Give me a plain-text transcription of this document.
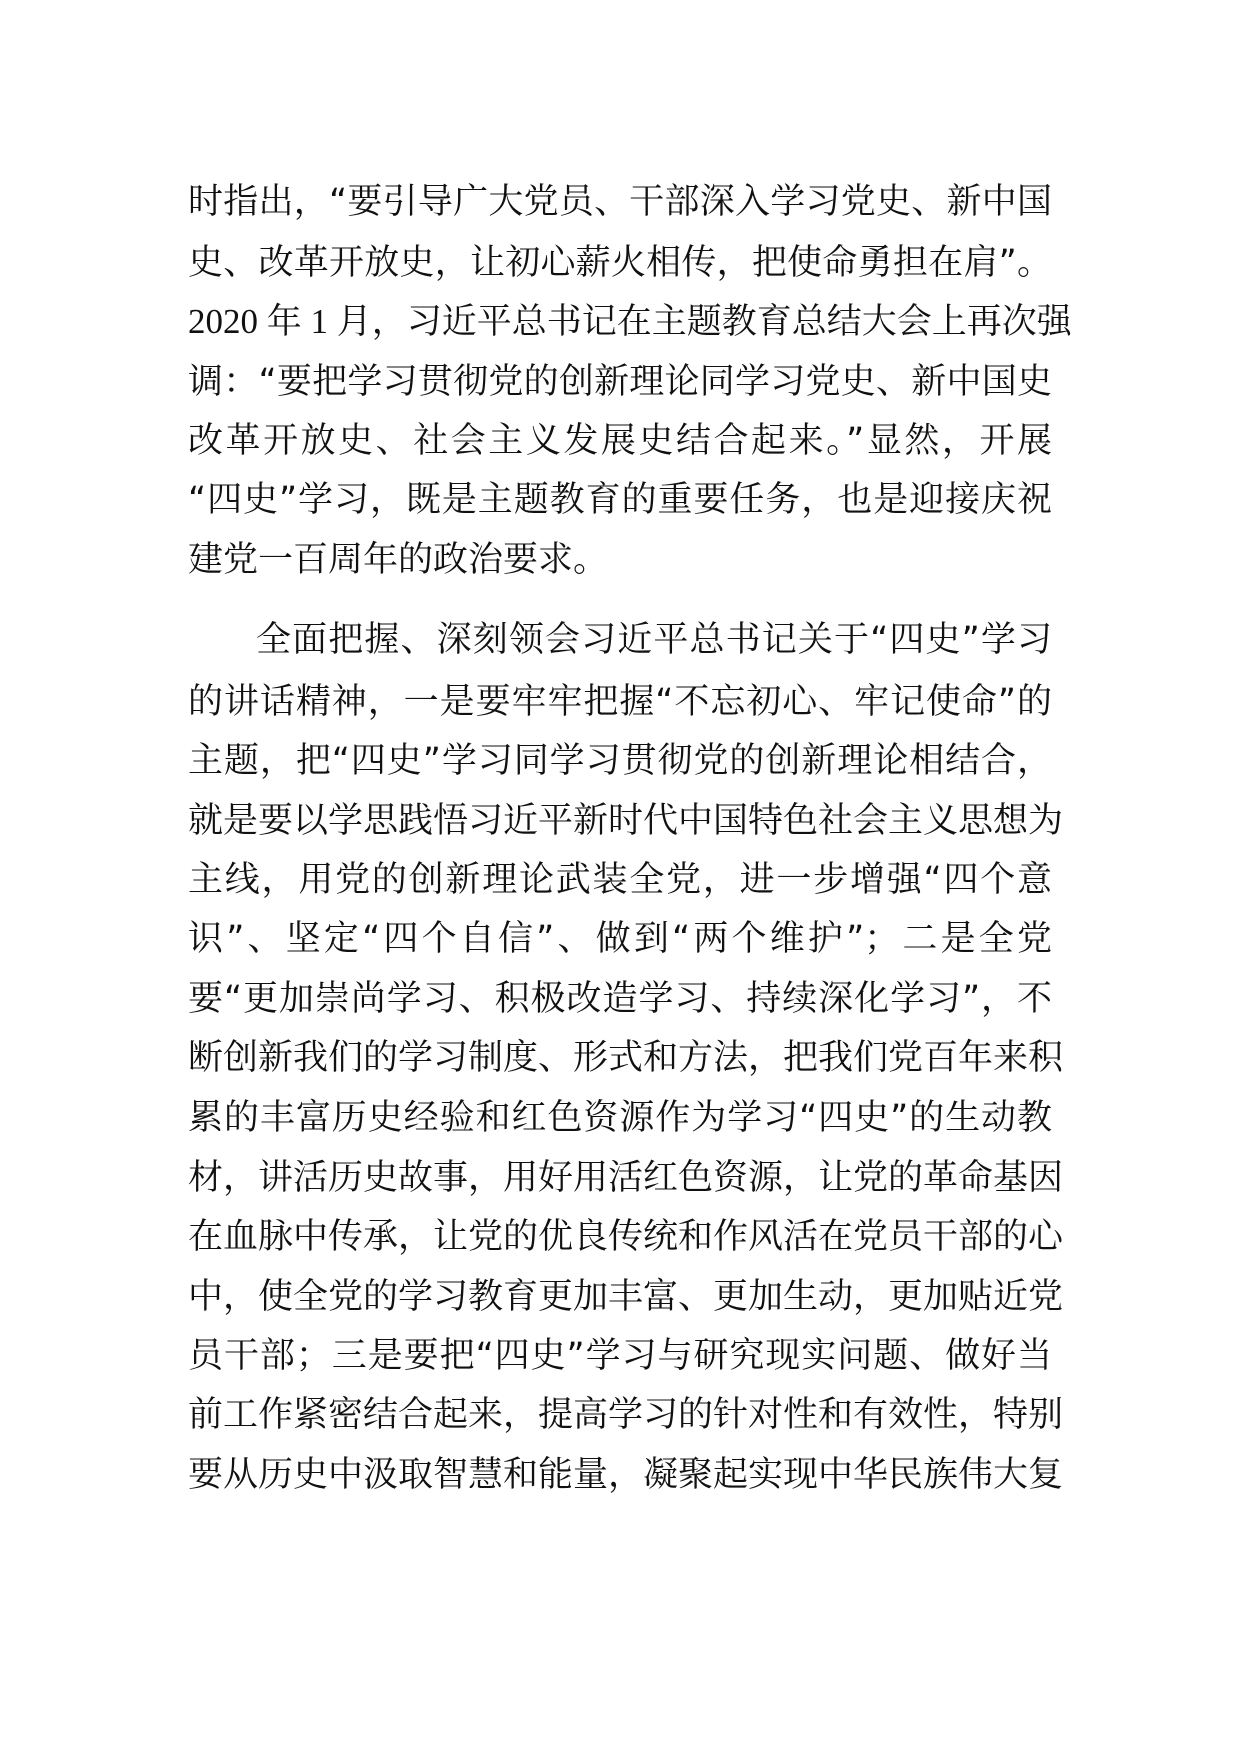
时指出，“要引导广大党员、干部深入学习党史、新中国
史、改革开放史，让初心薪火相传，把使命勇担在肩”。
2020 年 1 月，习近平总书记在主题教育总结大会上再次强
调：“要把学习贯彻党的创新理论同学习党史、新中国史
改革开放史、社会主义发展史结合起来。”显然，开展
“四史”学习，既是主题教育的重要任务，也是迎接庆祝
建党一百周年的政治要求。
全面把握、深刻领会习近平总书记关于“四史”学习
的讲话精神，一是要牢牢把握“不忘初心、牢记使命”的
主题，把“四史”学习同学习贯彻党的创新理论相结合，
就是要以学思践悟习近平新时代中国特色社会主义思想为
主线，用党的创新理论武装全党，进一步增强“四个意
识”、坚定“四个自信”、做到“两个维护”；二是全党
要“更加崇尚学习、积极改造学习、持续深化学习”，不
断创新我们的学习制度、形式和方法，把我们党百年来积
累的丰富历史经验和红色资源作为学习“四史”的生动教
材，讲活历史故事，用好用活红色资源，让党的革命基因
在血脉中传承，让党的优良传统和作风活在党员干部的心
中，使全党的学习教育更加丰富、更加生动，更加贴近党
员干部；三是要把“四史”学习与研究现实问题、做好当
前工作紧密结合起来，提高学习的针对性和有效性，特别
要从历史中汲取智慧和能量，凝聚起实现中华民族伟大复
